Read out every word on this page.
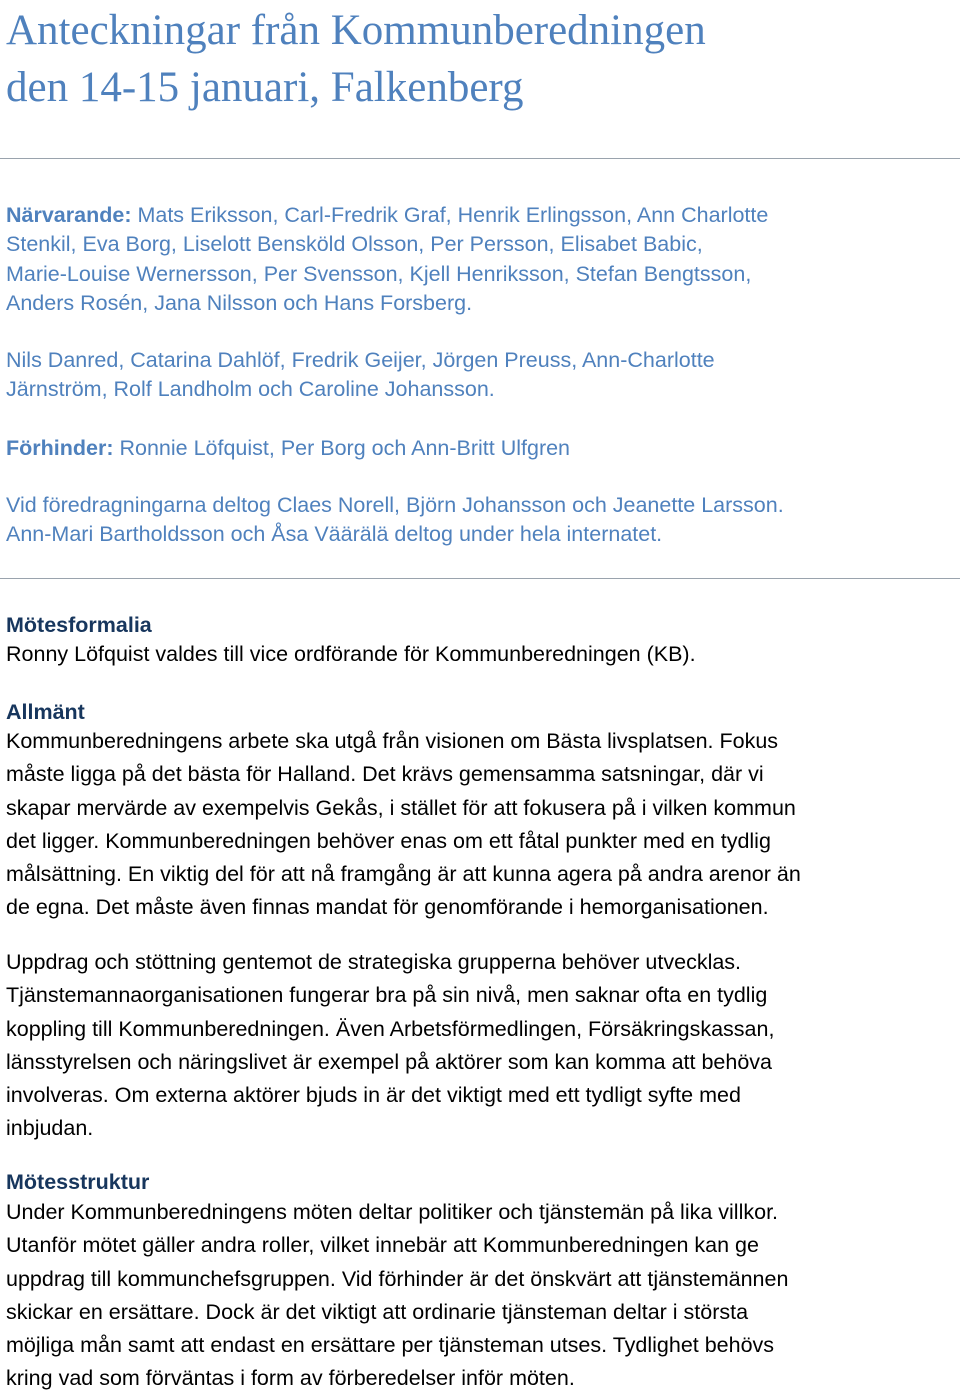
Anteckningar från Kommunberedningen
den 14-15 januari, Falkenberg

Närvarande: Mats Eriksson, Carl-Fredrik Graf, Henrik Erlingsson, Ann Charlotte
Stenkil, Eva Borg, Liselott Bensköld Olsson, Per Persson, Elisabet Babic,
Marie-Louise Wernersson, Per Svensson, Kjell Henriksson, Stefan Bengtsson,
Anders Rosén, Jana Nilsson och Hans Forsberg.

Nils Danred, Catarina Dahlöf, Fredrik Geijer, Jörgen Preuss, Ann-Charlotte
Järnström, Rolf Landholm och Caroline Johansson.

Förhinder: Ronnie Löfquist, Per Borg och Ann-Britt Ulfgren

Vid föredragningarna deltog Claes Norell, Björn Johansson och Jeanette Larsson.
Ann-Mari Bartholdsson och Åsa Väärälä deltog under hela internatet.

Mötesformalia

Ronny Löfquist valdes till vice ordförande för Kommunberedningen (KB).

Allmänt

Kommunberedningens arbete ska utgå från visionen om Bästa livsplatsen. Fokus
måste ligga på det bästa för Halland. Det krävs gemensamma satsningar, där vi
skapar mervärde av exempelvis Gekås, i stället för att fokusera på i vilken kommun
det ligger. Kommunberedningen behöver enas om ett fåtal punkter med en tydlig
målsättning. En viktig del för att nå framgång är att kunna agera på andra arenor än
de egna. Det måste även finnas mandat för genomförande i hemorganisationen.

Uppdrag och stöttning gentemot de strategiska grupperna behöver utvecklas.
Tjänstemannaorganisationen fungerar bra på sin nivå, men saknar ofta en tydlig
koppling till Kommunberedningen. Även Arbetsförmedlingen, Försäkringskassan,
länsstyrelsen och näringslivet är exempel på aktörer som kan komma att behöva
involveras. Om externa aktörer bjuds in är det viktigt med ett tydligt syfte med
inbjudan.

Mötesstruktur

Under Kommunberedningens möten deltar politiker och tjänstemän på lika villkor.
Utanför mötet gäller andra roller, vilket innebär att Kommunberedningen kan ge
uppdrag till kommunchefsgruppen. Vid förhinder är det önskvärt att tjänstemännen
skickar en ersättare. Dock är det viktigt att ordinarie tjänsteman deltar i största
möjliga mån samt att endast en ersättare per tjänsteman utses. Tydlighet behövs
kring vad som förväntas i form av förberedelser inför möten.
